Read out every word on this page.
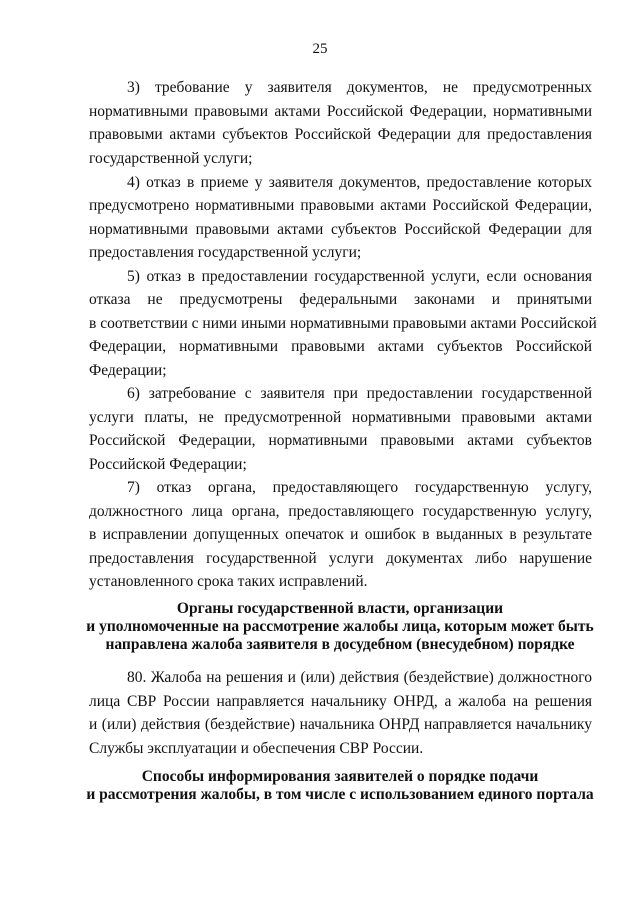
25
3) требование у заявителя документов, не предусмотренных
нормативными правовыми актами Российской Федерации, нормативными
правовыми актами субъектов Российской Федерации для предоставления
государственной услуги;
4) отказ в приеме у заявителя документов, предоставление которых
предусмотрено нормативными правовыми актами Российской Федерации,
нормативными правовыми актами субъектов Российской Федерации для
предоставления государственной услуги;
5) отказ в предоставлении государственной услуги, если основания
отказа не предусмотрены федеральными законами и принятыми
в соответствии с ними иными нормативными правовыми актами Российской
Федерации, нормативными правовыми актами субъектов Российской
Федерации;
6) затребование с заявителя при предоставлении государственной
услуги платы, не предусмотренной нормативными правовыми актами
Российской Федерации, нормативными правовыми актами субъектов
Российской Федерации;
7) отказ органа, предоставляющего государственную услугу,
должностного лица органа, предоставляющего государственную услугу,
в исправлении допущенных опечаток и ошибок в выданных в результате
предоставления государственной услуги документах либо нарушение
установленного срока таких исправлений.
Органы государственной власти, организации
и уполномоченные на рассмотрение жалобы лица, которым может быть
направлена жалоба заявителя в досудебном (внесудебном) порядке
80. Жалоба на решения и (или) действия (бездействие) должностного
лица СВР России направляется начальнику ОНРД, а жалоба на решения
и (или) действия (бездействие) начальника ОНРД направляется начальнику
Службы эксплуатации и обеспечения СВР России.
Способы информирования заявителей о порядке подачи
и рассмотрения жалобы, в том числе с использованием единого портала
